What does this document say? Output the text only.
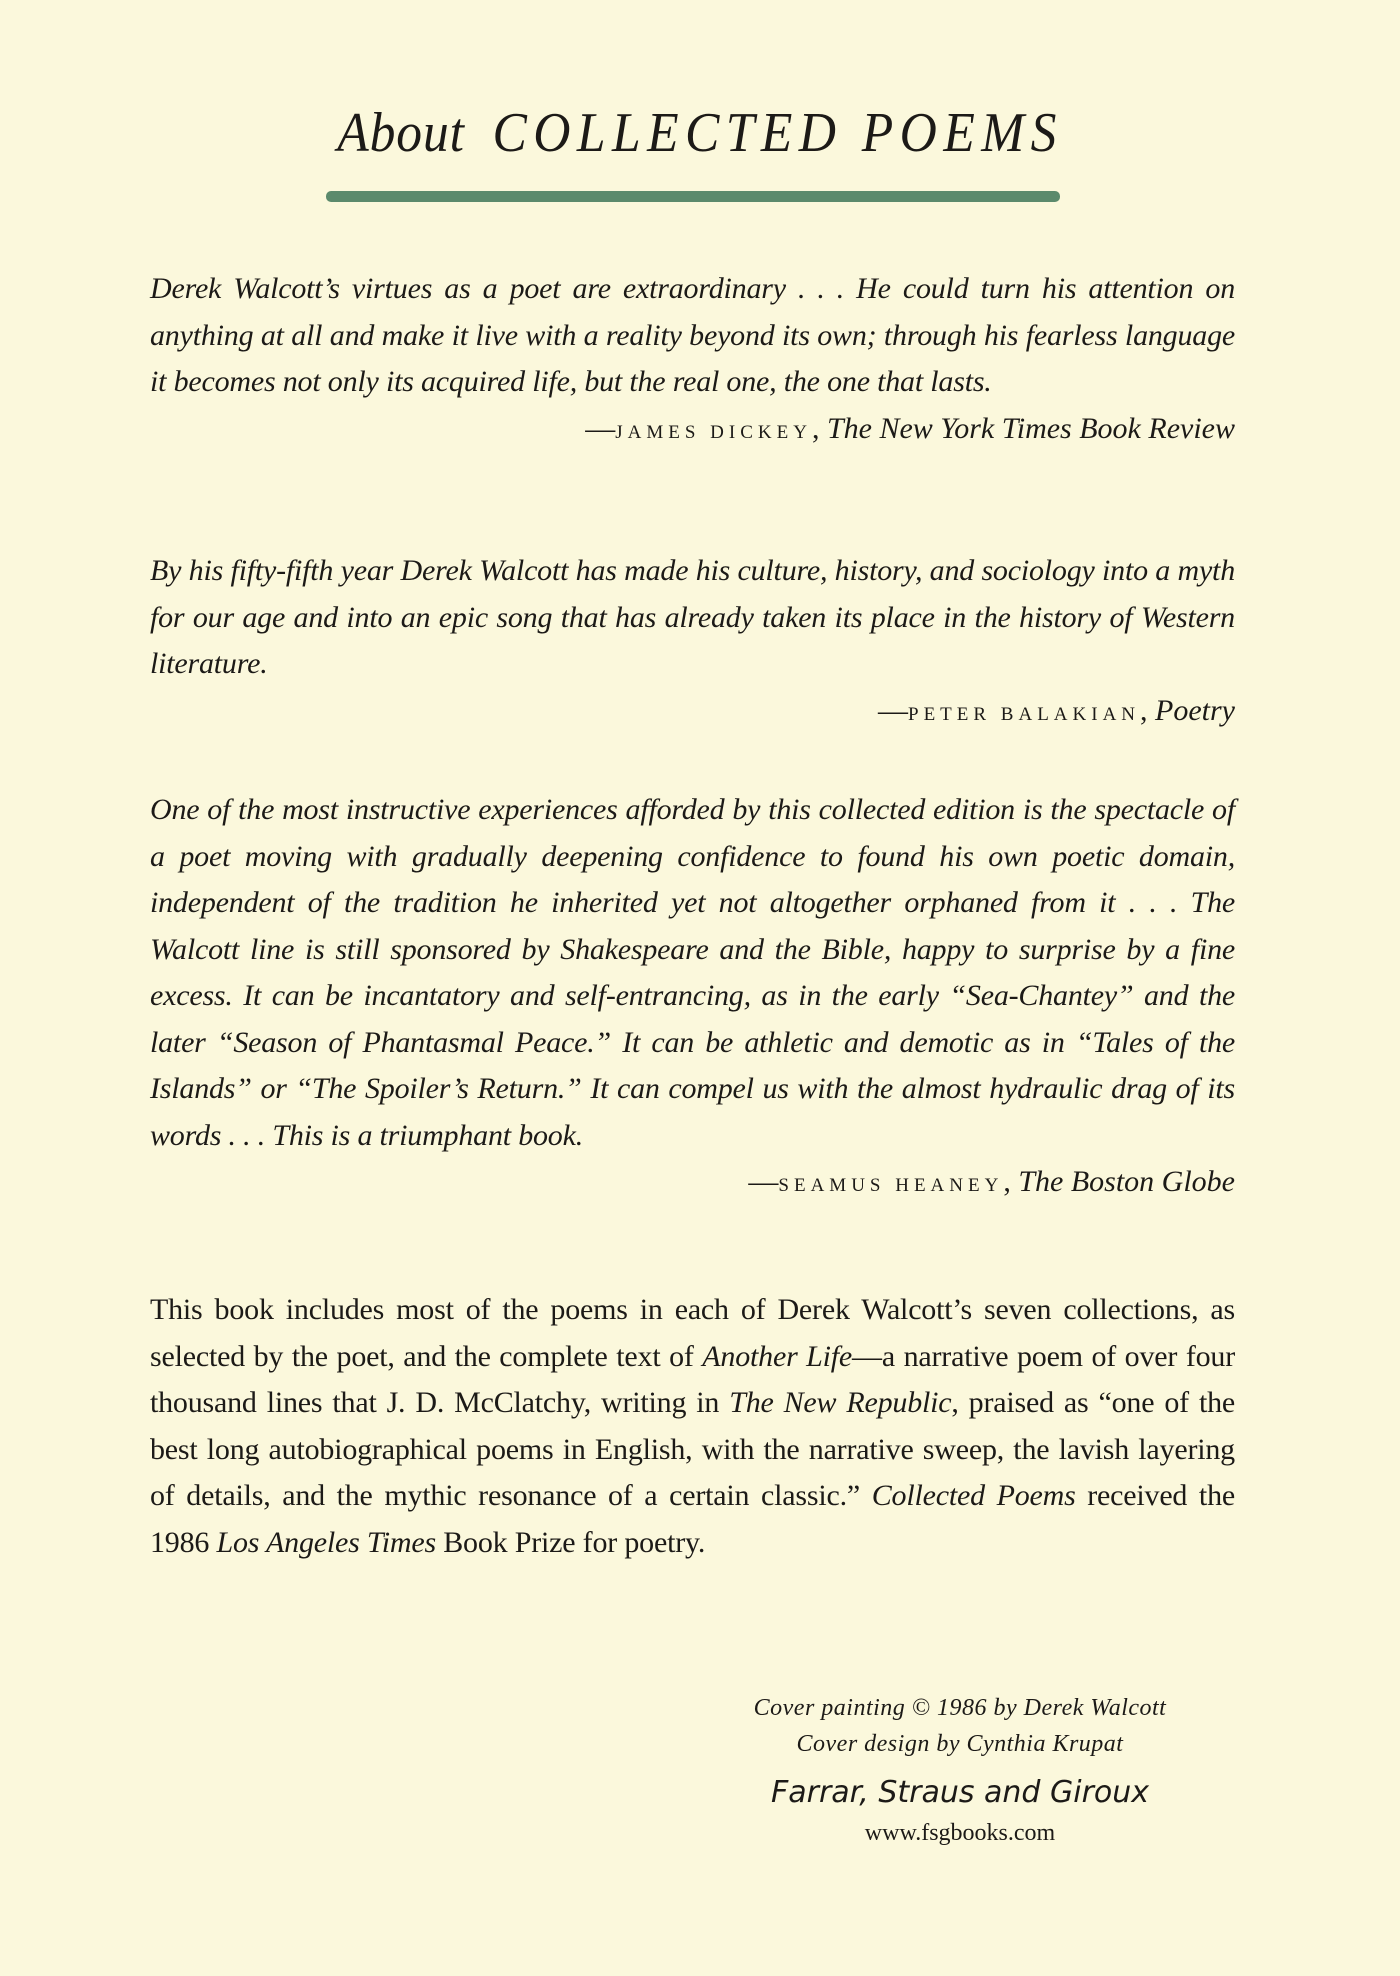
About COLLECTED POEMS

Derek Walcott’s virtues as a poet are extraordinary . . . He could turn his attention on anything at all and make it live with a reality beyond its own; through his fearless language it becomes not only its acquired life, but the real one, the one that lasts.

—JAMES DICKEY, The New York Times Book Review

By his fifty-fifth year Derek Walcott has made his culture, history, and sociology into a myth for our age and into an epic song that has already taken its place in the history of Western literature.

—PETER BALAKIAN, Poetry

One of the most instructive experiences afforded by this collected edition is the spectacle of a poet moving with gradually deepening confidence to found his own poetic domain, independent of the tradition he inherited yet not altogether orphaned from it . . . The Walcott line is still sponsored by Shakespeare and the Bible, happy to surprise by a fine excess. It can be incantatory and self-entrancing, as in the early “Sea-Chantey” and the later “Season of Phantasmal Peace.” It can be athletic and demotic as in “Tales of the Islands” or “The Spoiler’s Return.” It can compel us with the almost hydraulic drag of its words . . . This is a triumphant book.

—SEAMUS HEANEY, The Boston Globe

This book includes most of the poems in each of Derek Walcott’s seven collections, as selected by the poet, and the complete text of Another Life—a narrative poem of over four thousand lines that J. D. McClatchy, writing in The New Republic, praised as “one of the best long autobiographical poems in English, with the narrative sweep, the lavish layering of details, and the mythic resonance of a certain classic.” Collected Poems received the 1986 Los Angeles Times Book Prize for poetry.

Cover painting © 1986 by Derek Walcott
Cover design by Cynthia Krupat
Farrar, Straus and Giroux
www.fsgbooks.com
